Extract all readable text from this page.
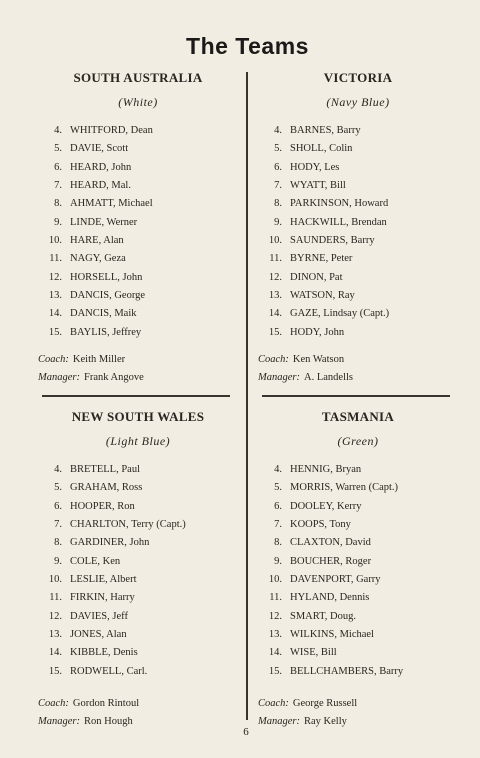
The Teams
SOUTH AUSTRALIA
(White)
4. WHITFORD, Dean
5. DAVIE, Scott
6. HEARD, John
7. HEARD, Mal.
8. AHMATT, Michael
9. LINDE, Werner
10. HARE, Alan
11. NAGY, Geza
12. HORSELL, John
13. DANCIS, George
14. DANCIS, Maik
15. BAYLIS, Jeffrey
Coach: Keith Miller
Manager: Frank Angove
VICTORIA
(Navy Blue)
4. BARNES, Barry
5. SHOLL, Colin
6. HODY, Les
7. WYATT, Bill
8. PARKINSON, Howard
9. HACKWILL, Brendan
10. SAUNDERS, Barry
11. BYRNE, Peter
12. DINON, Pat
13. WATSON, Ray
14. GAZE, Lindsay (Capt.)
15. HODY, John
Coach: Ken Watson
Manager: A. Landells
NEW SOUTH WALES
(Light Blue)
4. BRETELL, Paul
5. GRAHAM, Ross
6. HOOPER, Ron
7. CHARLTON, Terry (Capt.)
8. GARDINER, John
9. COLE, Ken
10. LESLIE, Albert
11. FIRKIN, Harry
12. DAVIES, Jeff
13. JONES, Alan
14. KIBBLE, Denis
15. RODWELL, Carl.
Coach: Gordon Rintoul
Manager: Ron Hough
TASMANIA
(Green)
4. HENNIG, Bryan
5. MORRIS, Warren (Capt.)
6. DOOLEY, Kerry
7. KOOPS, Tony
8. CLAXTON, David
9. BOUCHER, Roger
10. DAVENPORT, Garry
11. HYLAND, Dennis
12. SMART, Doug.
13. WILKINS, Michael
14. WISE, Bill
15. BELLCHAMBERS, Barry
Coach: George Russell
Manager: Ray Kelly
6
